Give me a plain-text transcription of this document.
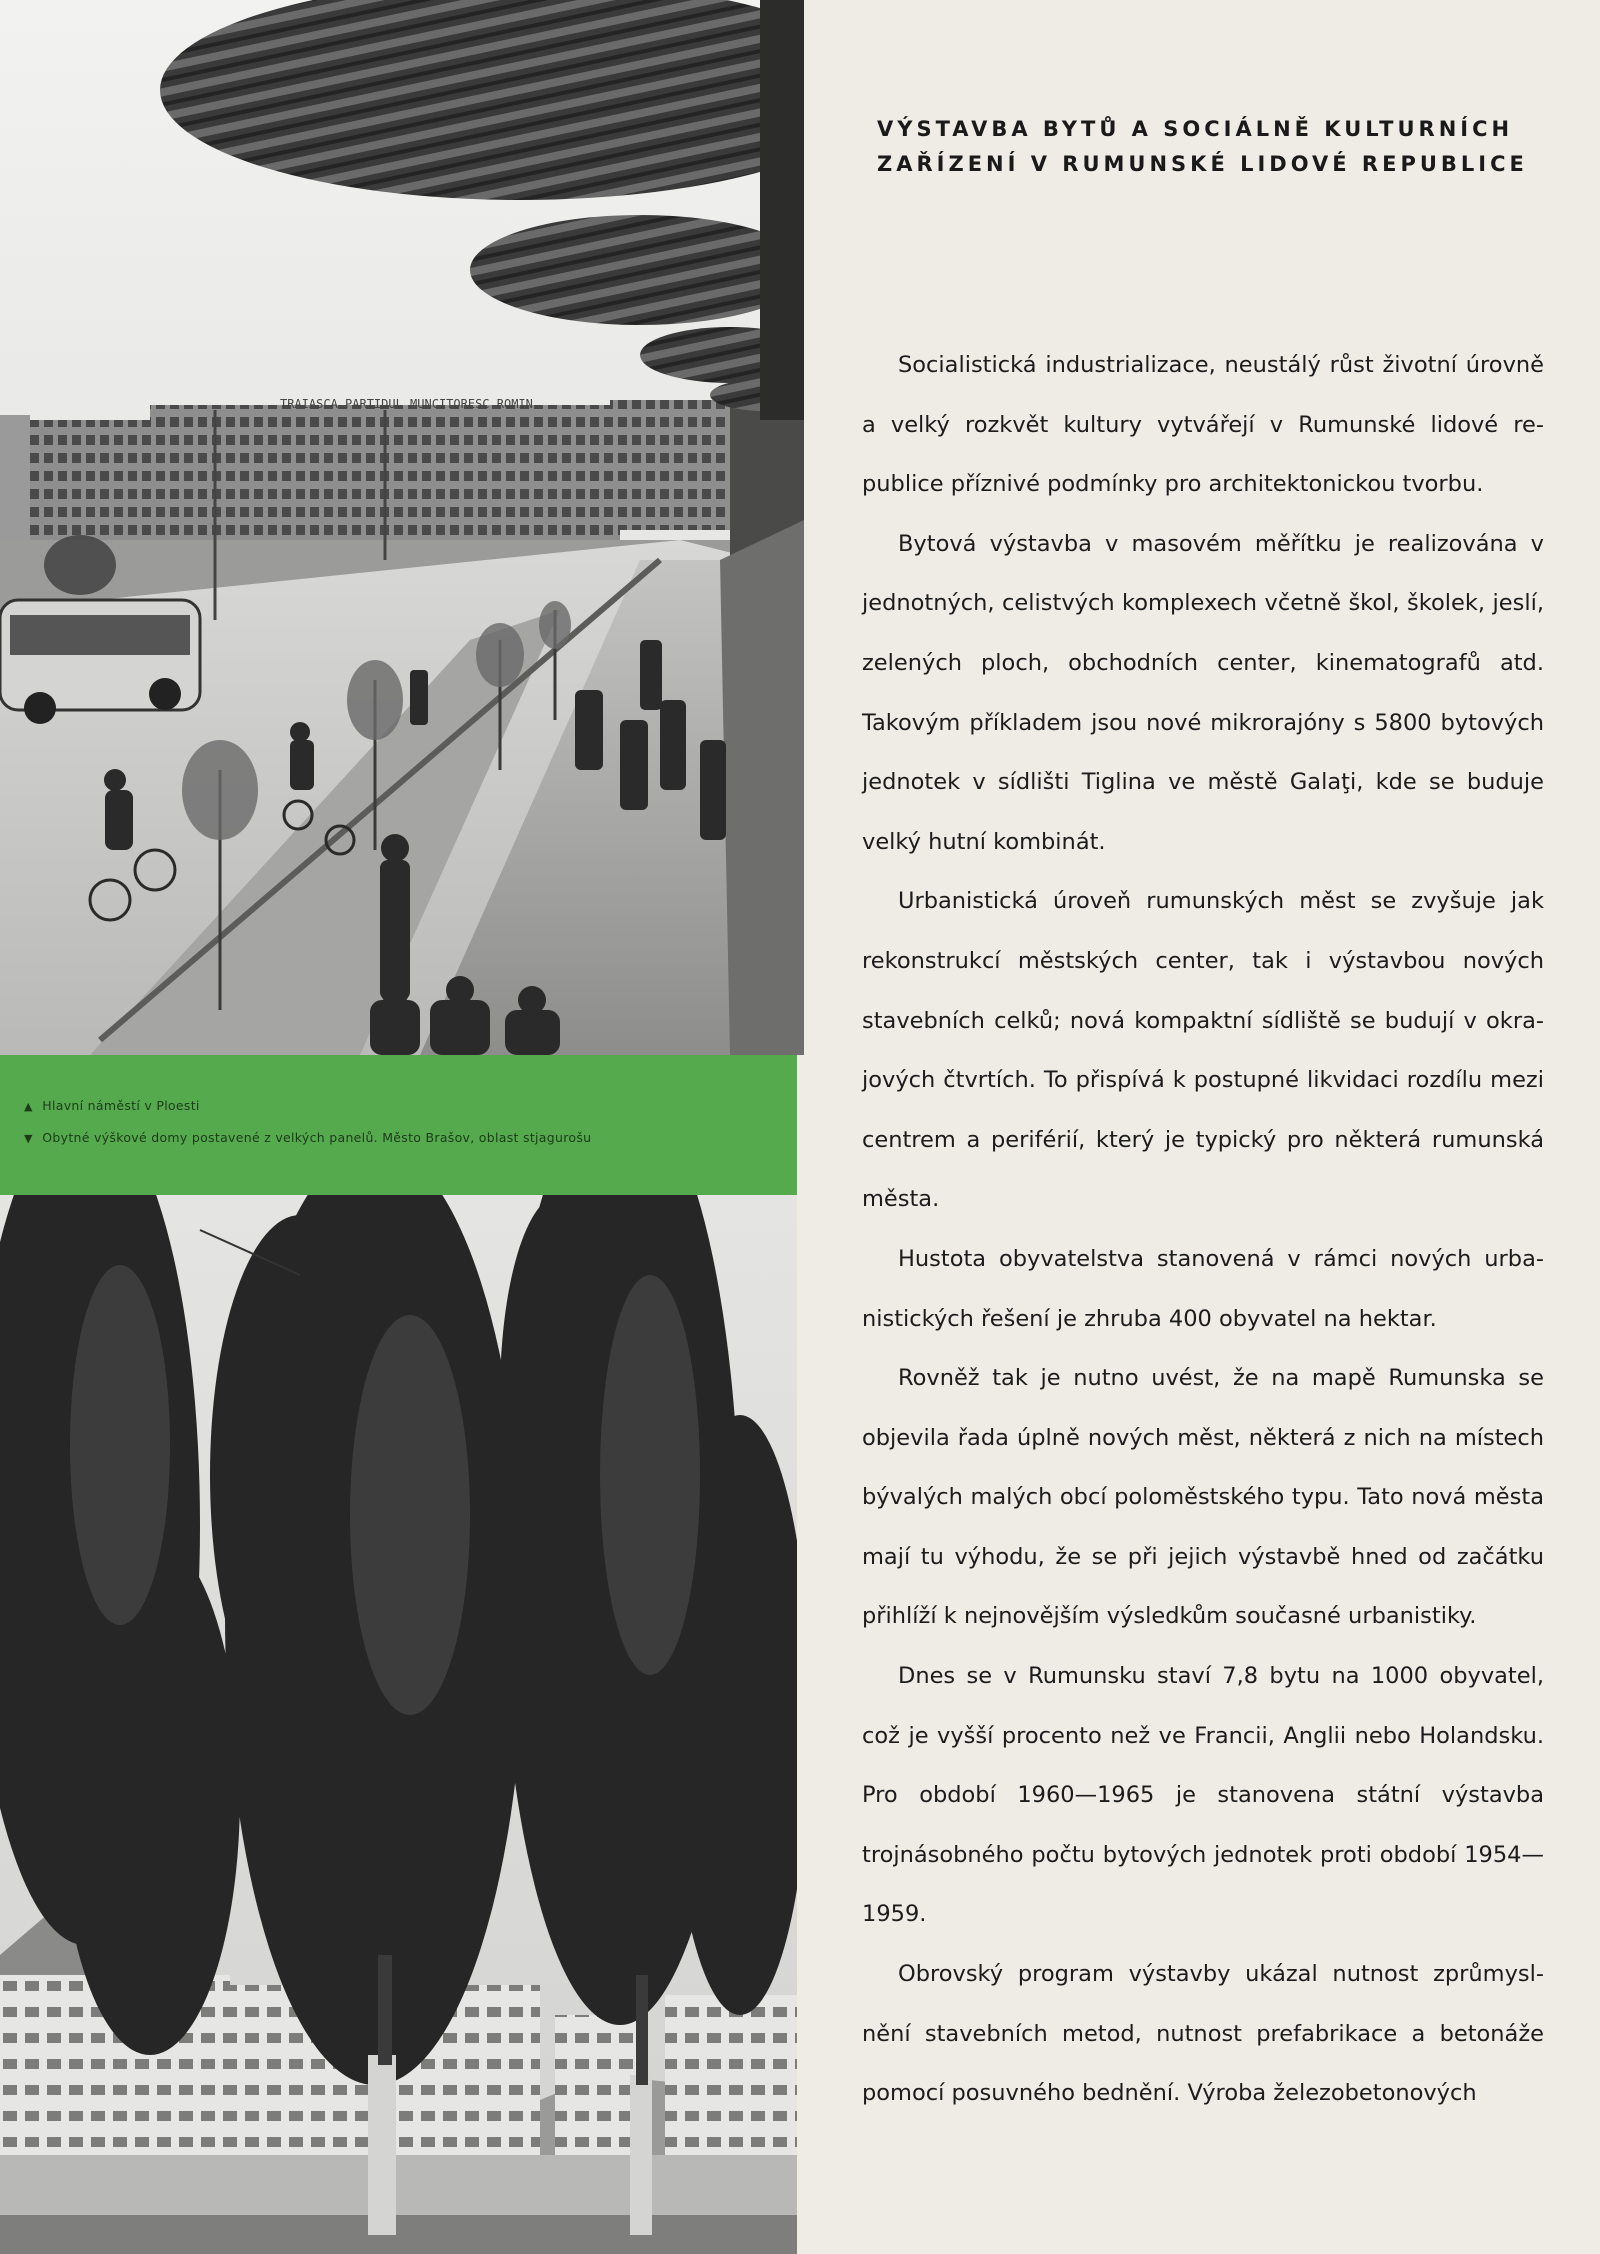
TRAIASCA PARTIDUL MUNCITORESC ROMIN
▲ Hlavní náměstí v Ploesti
▼ Obytné výškové domy postavené z velkých panelů. Město Brašov, oblast stjagurošu
VÝSTAVBA BYTŮ A SOCIÁLNĚ KULTURNÍCH
ZAŘÍZENÍ V RUMUNSKÉ LIDOVÉ REPUBLICE

Socialistická industrializace, neustálý růst životní úrovně a velký rozkvět kultury vytvářejí v Rumunské lidové republice příznivé podmínky pro architektonickou tvorbu.

Bytová výstavba v masovém měřítku je realizována v jednotných, celistvých komplexech včetně škol, školek, jeslí, zelených ploch, obchodních center, kinematografů atd. Takovým příkladem jsou nové mikrorajóny s 5800 bytových jednotek v sídlišti Tiglina ve městě Galaţi, kde se buduje velký hutní kombinát.

Urbanistická úroveň rumunských měst se zvyšuje jak rekonstrukcí městských center, tak i výstavbou nových stavebních celků; nová kompaktní sídliště se budují v okrajových čtvrtích. To přispívá k postupné likvidaci rozdílu mezi centrem a periférií, který je typický pro některá rumunská města.

Hustota obyvatelstva stanovená v rámci nových urbanistických řešení je zhruba 400 obyvatel na hektar.

Rovněž tak je nutno uvést, že na mapě Rumunska se objevila řada úplně nových měst, některá z nich na místech bývalých malých obcí poloměstského typu. Tato nová města mají tu výhodu, že se při jejich výstavbě hned od začátku přihlíží k nejnovějším výsledkům současné urbanistiky.

Dnes se v Rumunsku staví 7,8 bytu na 1000 obyvatel, což je vyšší procento než ve Francii, Anglii nebo Holandsku. Pro období 1960—1965 je stanovena státní výstavba trojnásobného počtu bytových jednotek proti období 1954—1959.

Obrovský program výstavby ukázal nutnost zprůmyslnění stavebních metod, nutnost prefabrikace a betonáže pomocí posuvného bednění. Výroba železobetonových
